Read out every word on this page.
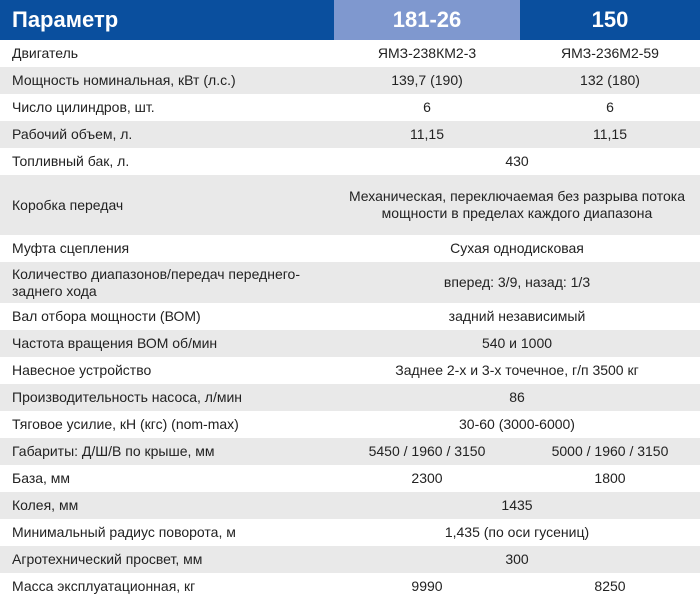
Параметр	181-26	150
Двигатель	ЯМЗ-238КМ2-3	ЯМЗ-236М2-59
Мощность номинальная, кВт (л.с.)	139,7 (190)	132 (180)
Число цилиндров, шт.	6	6
Рабочий объем, л.	11,15	11,15
Топливный бак, л.	430	
Коробка передач	Механическая, переключаемая без разрыва потока мощности в пределах каждого диапазона	
Муфта сцепления	Сухая однодисковая	
Количество диапазонов/передач переднего-заднего хода	вперед: 3/9, назад: 1/3	
Вал отбора мощности (ВОМ)	задний независимый	
Частота вращения ВОМ об/мин	540 и 1000	
Навесное устройство	Заднее 2-х и 3-х точечное, г/п 3500 кг	
Производительность насоса, л/мин	86	
Тяговое усилие, кН (кгс) (nom-max)	30-60 (3000-6000)	
Габариты: Д/Ш/В по крыше, мм	5450 / 1960 / 3150	5000 / 1960 / 3150
База, мм	2300	1800
Колея, мм	1435	
Минимальный радиус поворота, м	1,435 (по оси гусениц)	
Агротехнический просвет, мм	300	
Масса эксплуатационная, кг	9990	8250
